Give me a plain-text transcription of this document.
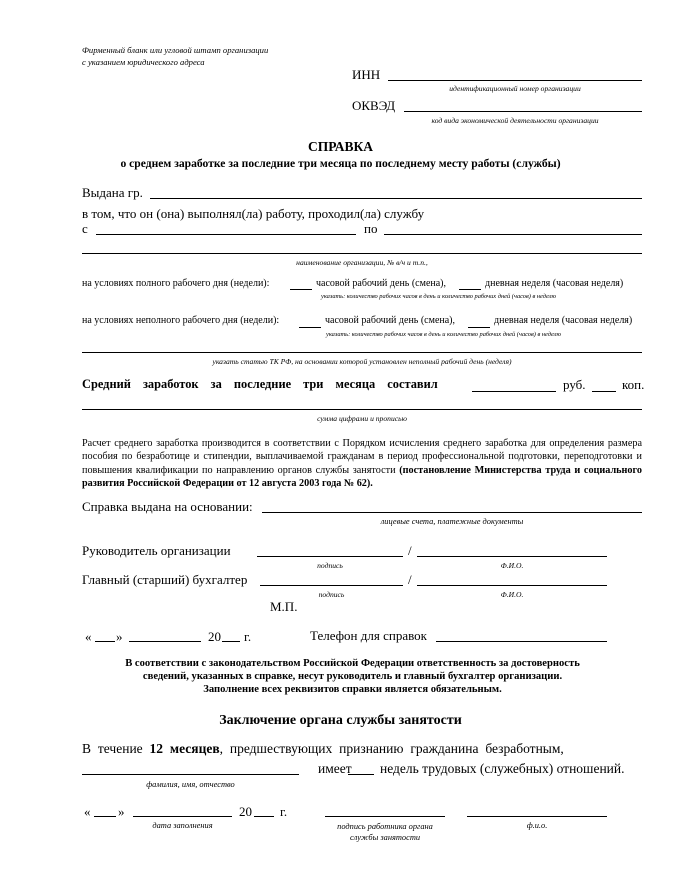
Фирменный бланк или угловой штамп организации
с указанием юридического адреса
ИНН
идентификационный номер организации
ОКВЭД
код вида экономической деятельности организации
СПРАВКА
о среднем заработке за последние три месяца по последнему месту работы (службы)
Выдана гр.
в том, что он (она) выполнял(ла) работу, проходил(ла) службу
с	по
наименование организации, № в/ч и т.п.,
на условиях полного рабочего дня (недели):	часовой рабочий день (смена),	дневная неделя (часовая неделя)
указать: количество рабочих часов в день и количество рабочих дней (часов) в неделю
на условиях неполного рабочего дня (недели):	часовой рабочий день (смена),	дневная неделя (часовая неделя)
указать: количество рабочих часов в день и количество рабочих дней (часов) в неделю
указать статью ТК РФ, на основании которой установлен неполный рабочий день (неделя)
Средний заработок за последние три месяца составил	руб.	коп.
сумма цифрами и прописью
Расчет среднего заработка производится в соответствии с Порядком исчисления среднего заработка для определения размера пособия по безработице и стипендии, выплачиваемой гражданам в период профессиональной подготовки, переподготовки и повышения квалификации по направлению органов службы занятости (постановление Министерства труда и социального развития Российской Федерации от 12 августа 2003 года № 62).
Справка выдана на основании:
лицевые счета, платежные документы
Руководитель организации	/
подпись	Ф.И.О.
Главный (старший) бухгалтер	/
подпись	Ф.И.О.
М.П.
« »	20 г.	Телефон для справок
В соответствии с законодательством Российской Федерации ответственность за достоверность
сведений, указанных в справке, несут руководитель и главный бухгалтер организации.
Заполнение всех реквизитов справки является обязательным.
Заключение органа службы занятости
В течение 12 месяцев, предшествующих признанию гражданина безработным,
имеет недель трудовых (служебных) отношений.
фамилия, имя, отчество
« »	20 г.
дата заполнения	подпись работника органа
службы занятости
ф.и.о.
